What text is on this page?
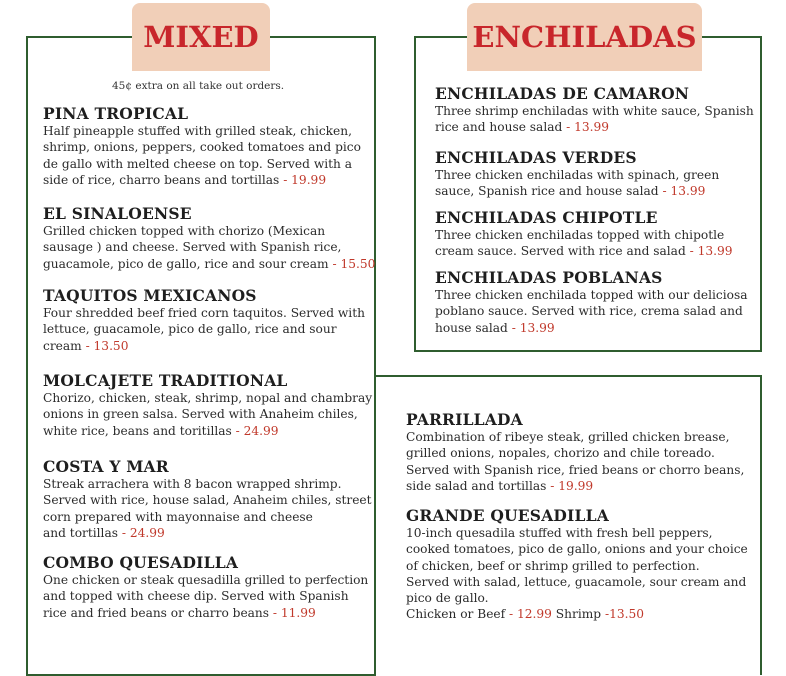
MIXED	ENCHILADAS
45¢ extra on all take out orders.
PINA TROPICAL

Half pineapple stuffed with grilled steak, chicken,
shrimp, onions, peppers, cooked tomatoes and pico
de gallo with melted cheese on top. Served with a
side of rice, charro beans and tortillas - 19.99

EL SINALOENSE

Grilled chicken topped with chorizo (Mexican
sausage ) and cheese. Served with Spanish rice,
guacamole, pico de gallo, rice and sour cream - 15.50

TAQUITOS MEXICANOS

Four shredded beef fried corn taquitos. Served with
lettuce, guacamole, pico de gallo, rice and sour
cream - 13.50

MOLCAJETE TRADITIONAL

Chorizo, chicken, steak, shrimp, nopal and chambray
onions in green salsa. Served with Anaheim chiles,
white rice, beans and toritillas - 24.99

COSTA Y MAR

Streak arrachera with 8 bacon wrapped shrimp.
Served with rice, house salad, Anaheim chiles, street
corn prepared with mayonnaise and cheese
and tortillas - 24.99

COMBO QUESADILLA

One chicken or steak quesadilla grilled to perfection
and topped with cheese dip. Served with Spanish
rice and fried beans or charro beans - 11.99

ENCHILADAS DE CAMARON

Three shrimp enchiladas with white sauce, Spanish
rice and house salad - 13.99

ENCHILADAS VERDES

Three chicken enchiladas with spinach, green
sauce, Spanish rice and house salad - 13.99

ENCHILADAS CHIPOTLE

Three chicken enchiladas topped with chipotle
cream sauce. Served with rice and salad - 13.99

ENCHILADAS POBLANAS

Three chicken enchilada topped with our deliciosa
poblano sauce. Served with rice, crema salad and
house salad - 13.99

PARRILLADA

Combination of ribeye steak, grilled chicken brease,
grilled onions, nopales, chorizo and chile toreado.
Served with Spanish rice, fried beans or chorro beans,
side salad and tortillas - 19.99

GRANDE QUESADILLA

10-inch quesadila stuffed with fresh bell peppers,
cooked tomatoes, pico de gallo, onions and your choice
of chicken, beef or shrimp grilled to perfection.
Served with salad, lettuce, guacamole, sour cream and
pico de gallo.
Chicken or Beef - 12.99 Shrimp -13.50
